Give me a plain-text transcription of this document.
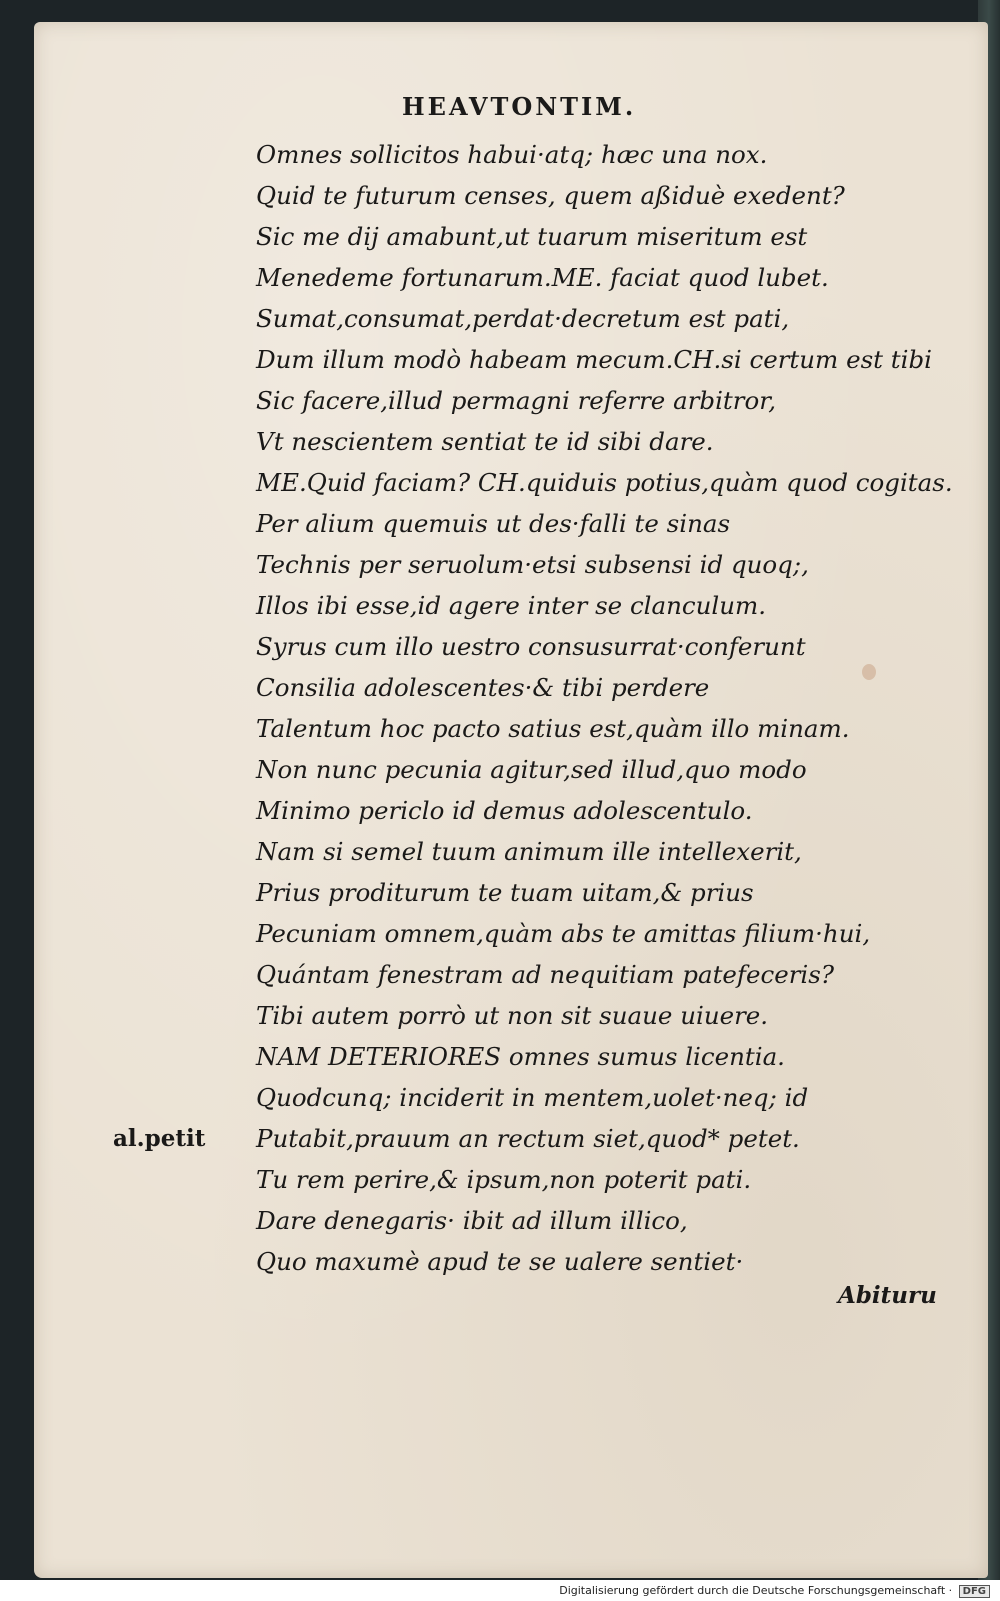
HEAVTONTIM.
Omnes sollicitos habui·atq; hæc una nox.
Quid te futurum censes, quem aßiduè exedent?
Sic me dij amabunt,ut tuarum miseritum est
Menedeme fortunarum.ME. faciat quod lubet.
Sumat,consumat,perdat·decretum est pati,
Dum illum modò habeam mecum.CH.si certum est tibi
Sic facere,illud permagni referre arbitror,
Vt nescientem sentiat te id sibi dare.
ME.Quid faciam? CH.quiduis potius,quàm quod cogitas.
Per alium quemuis ut des·falli te sinas
Technis per seruolum·etsi subsensi id quoq;,
Illos ibi esse,id agere inter se clanculum.
Syrus cum illo uestro consusurrat·conferunt
Consilia adolescentes·& tibi perdere
Talentum hoc pacto satius est,quàm illo minam.
Non nunc pecunia agitur,sed illud,quo modo
Minimo periclo id demus adolescentulo.
Nam si semel tuum animum ille intellexerit,
Prius proditurum te tuam uitam,& prius
Pecuniam omnem,quàm abs te amittas filium·hui,
Quántam fenestram ad nequitiam patefeceris?
Tibi autem porrò ut non sit suaue uiuere.
NAM DETERIORES omnes sumus licentia.
Quodcunq; inciderit in mentem,uolet·neq; id
Putabit,prauum an rectum siet,quod* petet.
Tu rem perire,& ipsum,non poterit pati.
Dare denegaris· ibit ad illum illico,
Quo maxumè apud te se ualere sentiet·
al.petit
Abituru
Digitalisierung gefördert durch die Deutsche Forschungsgemeinschaft · DFG
